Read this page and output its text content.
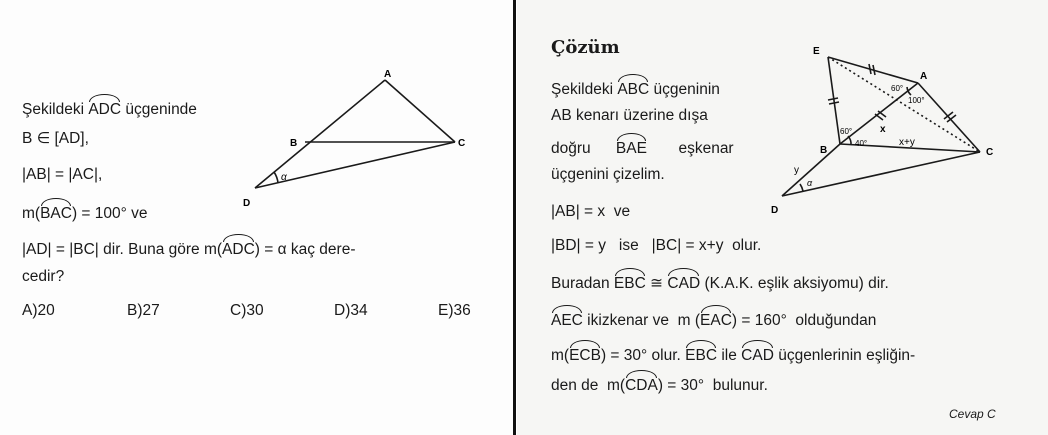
Şekildeki ADC üçgeninde
B ∈ [AD],
|AB| = |AC|,
m(BAC) = 100° ve
|AD| = |BC| dir. Buna göre m(ADC) = α kaç dere-
cedir?
A)20	B)27	C)30	D)34	E)36
A
B	C
D
α
Çözüm
Şekildeki ABC üçgeninin
AB kenarı üzerine dışa
doğru BAE eşkenar
üçgenini çizelim.
|AB| = x  ve
|BD| = y   ise   |BC| = x+y  olur.
Buradan EBC ≅ CAD (K.A.K. eşlik aksiyomu) dir.
AEC ikizkenar ve  m (EAC) = 160°  olduğundan
m(ECB) = 30° olur. EBC ile CAD üçgenlerinin eşliğin-
den de  m(CDA) = 30°  bulunur.
Cevap C
E
A
B	C
D
60°
100°
60°
40°
x
x+y
y
α
